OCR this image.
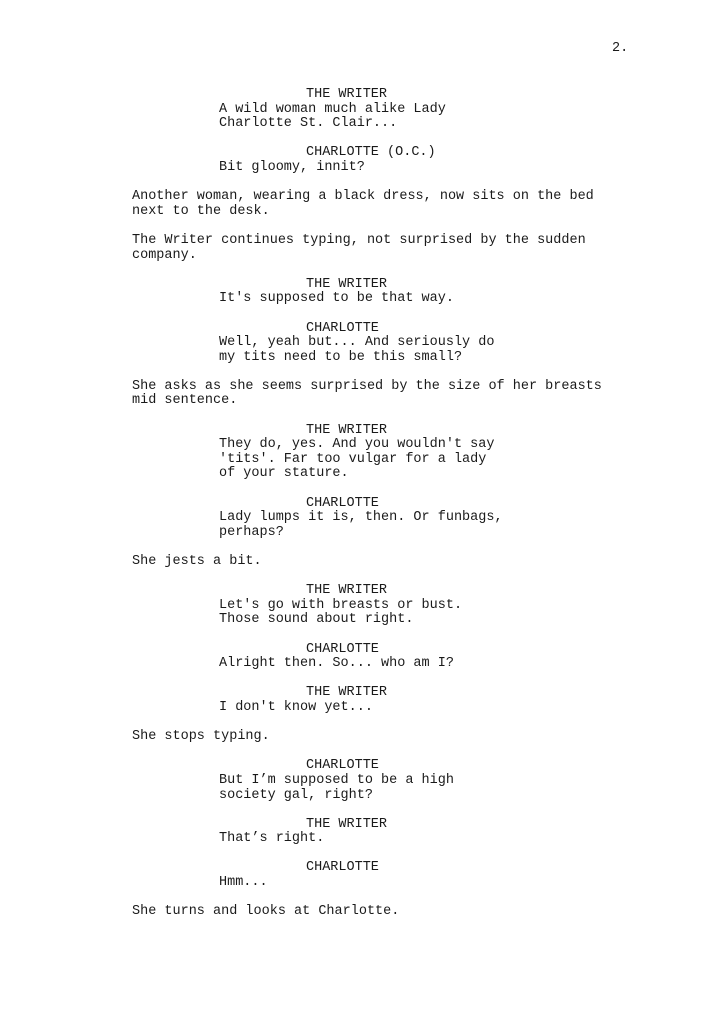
2.

THE WRITER

A wild woman much alike Lady
Charlotte St. Clair...

CHARLOTTE (O.C.)

Bit gloomy, innit?

Another woman, wearing a black dress, now sits on the bed

next to the desk.

The Writer continues typing, not surprised by the sudden

company.

THE WRITER

It's supposed to be that way.

CHARLOTTE

Well, yeah but... And seriously do
my tits need to be this small?

She asks as she seems surprised by the size of her breasts

mid sentence.

THE WRITER

They do, yes. And you wouldn't say
'tits'. Far too vulgar for a lady
of your stature.

CHARLOTTE

Lady lumps it is, then. Or funbags,
perhaps?

She jests a bit.

THE WRITER

Let's go with breasts or bust.
Those sound about right.

CHARLOTTE

Alright then. So... who am I?

THE WRITER

I don't know yet...

She stops typing.

CHARLOTTE

But I’m supposed to be a high
society gal, right?

THE WRITER

That’s right.

CHARLOTTE

Hmm...

She turns and looks at Charlotte.
